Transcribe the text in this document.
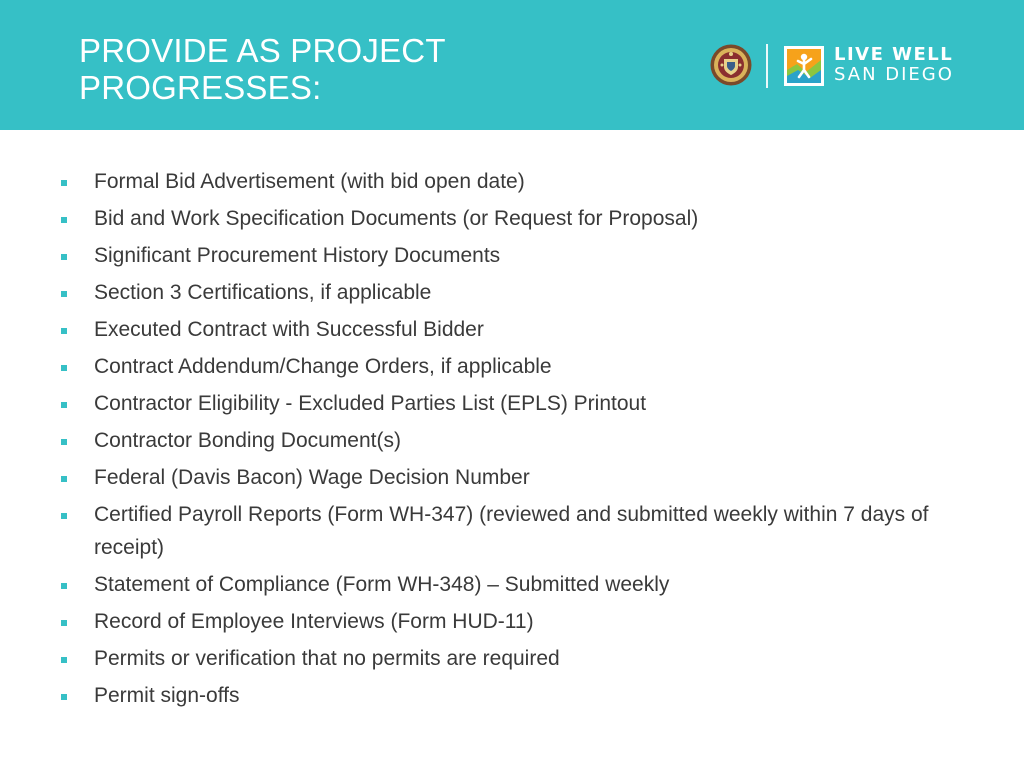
PROVIDE AS PROJECT
PROGRESSES:
LIVE WELL
SAN DIEGO
Formal Bid Advertisement (with bid open date)
Bid and Work Specification Documents (or Request for Proposal)
Significant Procurement History Documents
Section 3 Certifications, if applicable
Executed Contract with Successful Bidder
Contract Addendum/Change Orders, if applicable
Contractor Eligibility - Excluded Parties List (EPLS) Printout
Contractor Bonding Document(s)
Federal (Davis Bacon) Wage Decision Number
Certified Payroll Reports (Form WH-347) (reviewed and submitted weekly within 7 days of receipt)
Statement of Compliance (Form WH-348) – Submitted weekly
Record of Employee Interviews (Form HUD-11)
Permits or verification that no permits are required
Permit sign-offs
